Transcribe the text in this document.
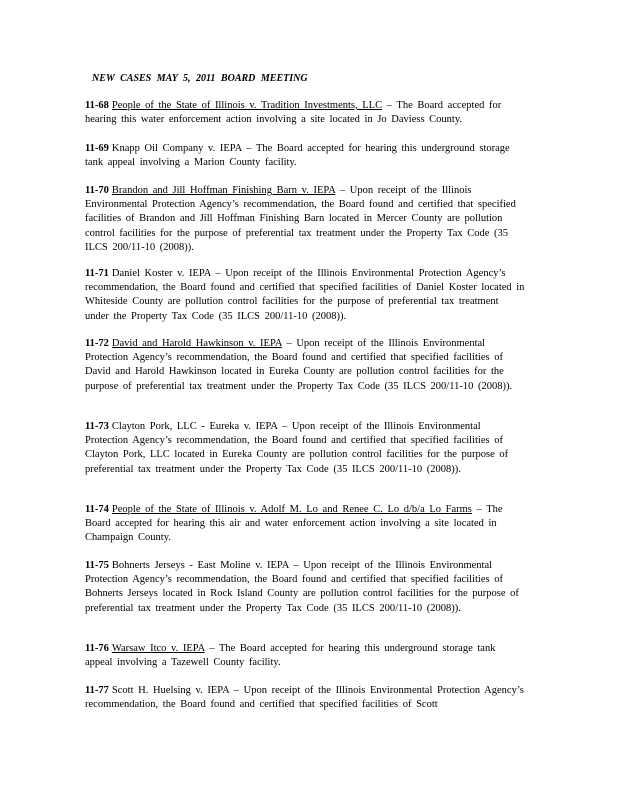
NEW CASES MAY 5, 2011 BOARD MEETING
11-68 People of the State of Illinois v. Tradition Investments, LLC – The Board accepted for hearing this water enforcement action involving a site located in Jo Daviess County.
11-69 Knapp Oil Company v. IEPA – The Board accepted for hearing this underground storage tank appeal involving a Marion County facility.
11-70 Brandon and Jill Hoffman Finishing Barn v. IEPA – Upon receipt of the Illinois Environmental Protection Agency’s recommendation, the Board found and certified that specified facilities of Brandon and Jill Hoffman Finishing Barn located in Mercer County are pollution control facilities for the purpose of preferential tax treatment under the Property Tax Code (35 ILCS 200/11-10 (2008)).
11-71 Daniel Koster v. IEPA – Upon receipt of the Illinois Environmental Protection Agency’s recommendation, the Board found and certified that specified facilities of Daniel Koster located in Whiteside County are pollution control facilities for the purpose of preferential tax treatment under the Property Tax Code (35 ILCS 200/11-10 (2008)).
11-72 David and Harold Hawkinson v. IEPA – Upon receipt of the Illinois Environmental Protection Agency’s recommendation, the Board found and certified that specified facilities of David and Harold Hawkinson located in Eureka County are pollution control facilities for the purpose of preferential tax treatment under the Property Tax Code (35 ILCS 200/11-10 (2008)).
11-73 Clayton Pork, LLC - Eureka v. IEPA – Upon receipt of the Illinois Environmental Protection Agency’s recommendation, the Board found and certified that specified facilities of Clayton Pork, LLC located in Eureka County are pollution control facilities for the purpose of preferential tax treatment under the Property Tax Code (35 ILCS 200/11-10 (2008)).
11-74 People of the State of Illinois v. Adolf M. Lo and Renee C. Lo d/b/a Lo Farms – The Board accepted for hearing this air and water enforcement action involving a site located in Champaign County.
11-75 Bohnerts Jerseys - East Moline v. IEPA – Upon receipt of the Illinois Environmental Protection Agency’s recommendation, the Board found and certified that specified facilities of Bohnerts Jerseys located in Rock Island County are pollution control facilities for the purpose of preferential tax treatment under the Property Tax Code (35 ILCS 200/11-10 (2008)).
11-76 Warsaw Itco v. IEPA – The Board accepted for hearing this underground storage tank appeal involving a Tazewell County facility.
11-77 Scott H. Huelsing v. IEPA – Upon receipt of the Illinois Environmental Protection Agency’s recommendation, the Board found and certified that specified facilities of Scott
